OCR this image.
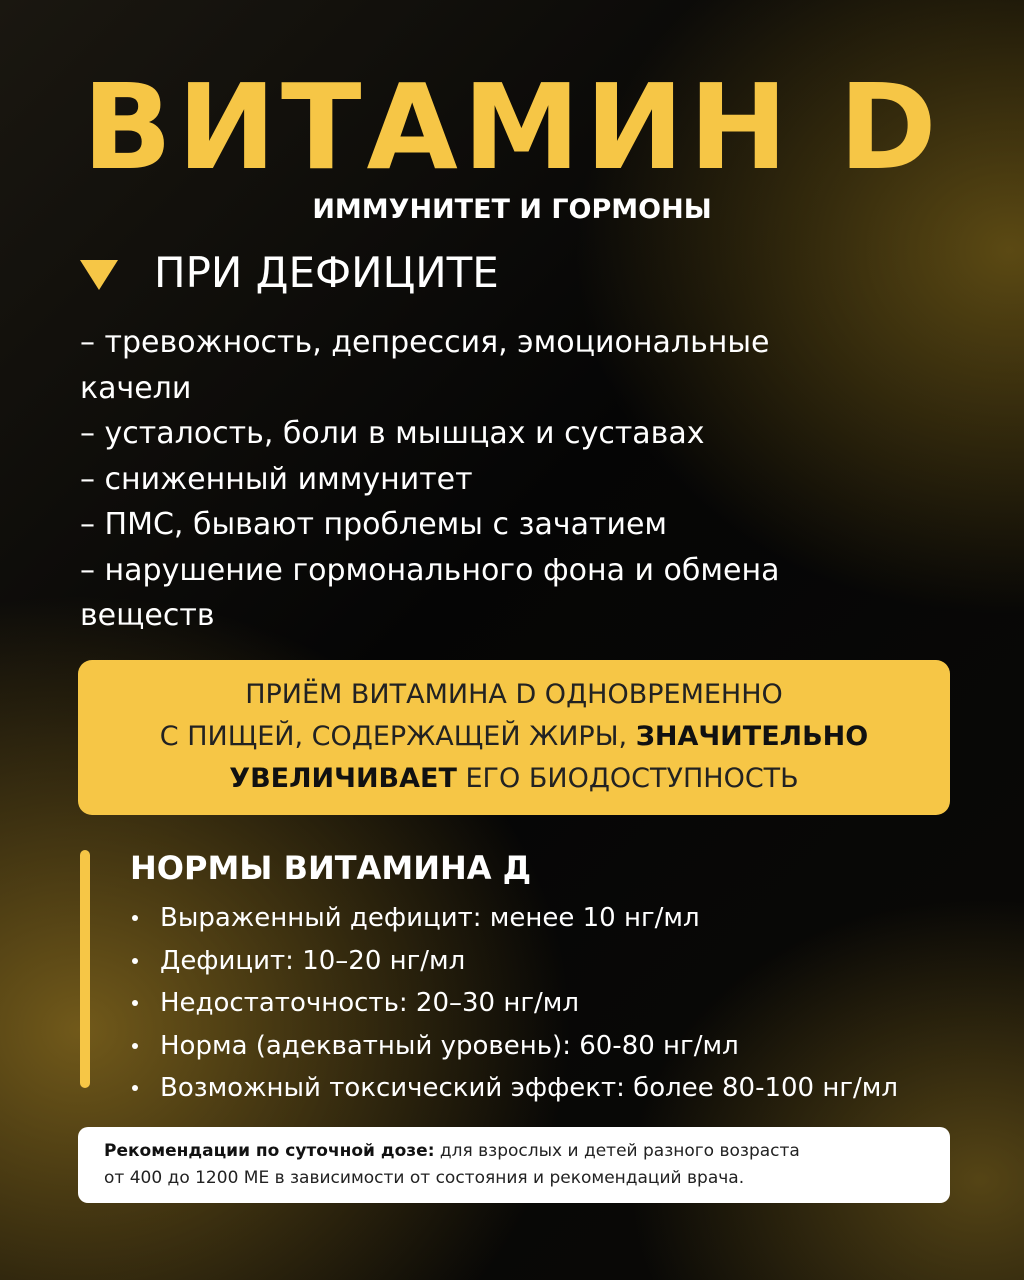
ВИТАМИН D
ИММУНИТЕТ И ГОРМОНЫ
ПРИ ДЕФИЦИТЕ
– тревожность, депрессия, эмоциональные
качели
– усталость, боли в мышцах и суставах
– сниженный иммунитет
– ПМС, бывают проблемы с зачатием
– нарушение гормонального фона и обмена
веществ
ПРИЁМ ВИТАМИНА D ОДНОВРЕМЕННО
С ПИЩЕЙ, СОДЕРЖАЩЕЙ ЖИРЫ, ЗНАЧИТЕЛЬНО
УВЕЛИЧИВАЕТ ЕГО БИОДОСТУПНОСТЬ
НОРМЫ ВИТАМИНА Д
Выраженный дефицит: менее 10 нг/мл
Дефицит: 10–20 нг/мл
Недостаточность: 20–30 нг/мл
Норма (адекватный уровень): 60-80 нг/мл
Возможный токсический эффект: более 80-100 нг/мл
Рекомендации по суточной дозе: для взрослых и детей разного возраста
от 400 до 1200 МЕ в зависимости от состояния и рекомендаций врача.
